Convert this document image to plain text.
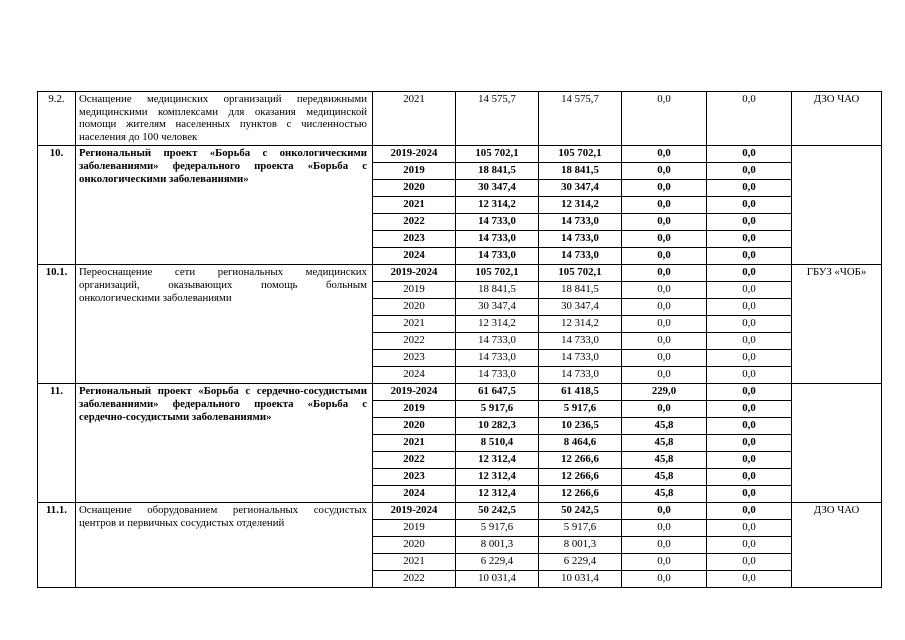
9.2.	Оснащение медицинских организаций передвижными медицинскими комплексами для оказания медицинской помощи жителям населенных пунктов с численностью населения до 100 человек	2021	14 575,7	14 575,7	0,0	0,0	ДЗО ЧАО
10.	Региональный проект «Борьба с онкологическими заболеваниями» федерального проекта «Борьба с онкологическими заболеваниями»	2019-2024	105 702,1	105 702,1	0,0	0,0	
		2019	18 841,5	18 841,5	0,0	0,0	
		2020	30 347,4	30 347,4	0,0	0,0	
		2021	12 314,2	12 314,2	0,0	0,0	
		2022	14 733,0	14 733,0	0,0	0,0	
		2023	14 733,0	14 733,0	0,0	0,0	
		2024	14 733,0	14 733,0	0,0	0,0	
10.1.	Переоснащение сети региональных медицинских организаций, оказывающих помощь больным онкологическими заболеваниями	2019-2024	105 702,1	105 702,1	0,0	0,0	ГБУЗ «ЧОБ»
		2019	18 841,5	18 841,5	0,0	0,0	
		2020	30 347,4	30 347,4	0,0	0,0	
		2021	12 314,2	12 314,2	0,0	0,0	
		2022	14 733,0	14 733,0	0,0	0,0	
		2023	14 733,0	14 733,0	0,0	0,0	
		2024	14 733,0	14 733,0	0,0	0,0	
11.	Региональный проект «Борьба с сердечно-сосудистыми заболеваниями» федерального проекта «Борьба с сердечно-сосудистыми заболеваниями»	2019-2024	61 647,5	61 418,5	229,0	0,0	
		2019	5 917,6	5 917,6	0,0	0,0	
		2020	10 282,3	10 236,5	45,8	0,0	
		2021	8 510,4	8 464,6	45,8	0,0	
		2022	12 312,4	12 266,6	45,8	0,0	
		2023	12 312,4	12 266,6	45,8	0,0	
		2024	12 312,4	12 266,6	45,8	0,0	
11.1.	Оснащение оборудованием региональных сосудистых центров и первичных сосудистых отделений	2019-2024	50 242,5	50 242,5	0,0	0,0	ДЗО ЧАО
		2019	5 917,6	5 917,6	0,0	0,0	
		2020	8 001,3	8 001,3	0,0	0,0	
		2021	6 229,4	6 229,4	0,0	0,0	
		2022	10 031,4	10 031,4	0,0	0,0	
